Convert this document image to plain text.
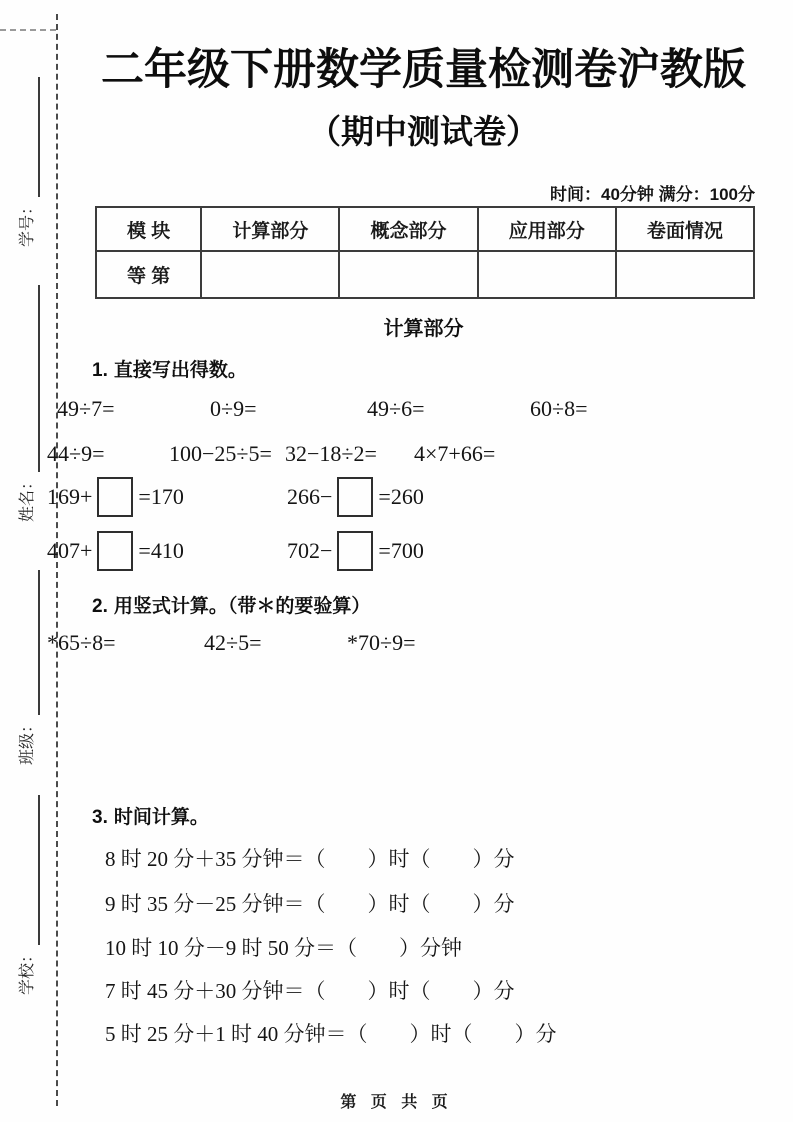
学号：
姓名：
班级：
学校：
二年级下册数学质量检测卷沪教版
（期中测试卷）
时间：40分钟 满分：100分
模 块	计算部分	概念部分	应用部分	卷面情况
等 第				
计算部分
1. 直接写出得数。
49÷7=	0÷9=	49÷6=	60÷8=
44÷9=	100−25÷5= 32−18÷2=	4×7+66=
169+ =170	266− =260
407+ =410	702− =700
2. 用竖式计算。（带＊的要验算）
*65÷8=	42÷5=	*70÷9=
3. 时间计算。
8 时 20 分＋35 分钟＝（　　）时（　　）分
9 时 35 分－25 分钟＝（　　）时（　　）分
10 时 10 分－9 时 50 分＝（　　）分钟
7 时 45 分＋30 分钟＝（　　）时（　　）分
5 时 25 分＋1 时 40 分钟＝（　　）时（　　）分
第 页 共 页
